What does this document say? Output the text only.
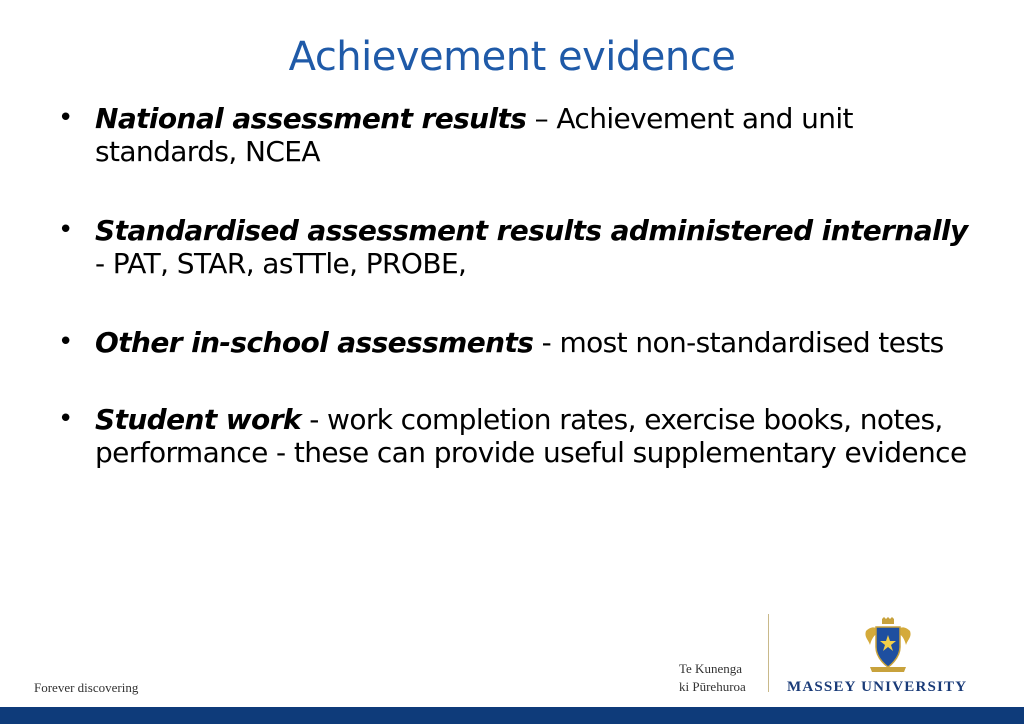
Achievement evidence
• National assessment results – Achievement and unit standards, NCEA
• Standardised assessment results administered internally - PAT, STAR, asTTle, PROBE,
• Other in-school assessments - most non-standardised tests
• Student work - work completion rates, exercise books, notes, performance - these can provide useful supplementary evidence
Forever discovering
Te Kunenga
ki Pūrehuroa	MASSEY UNIVERSITY
